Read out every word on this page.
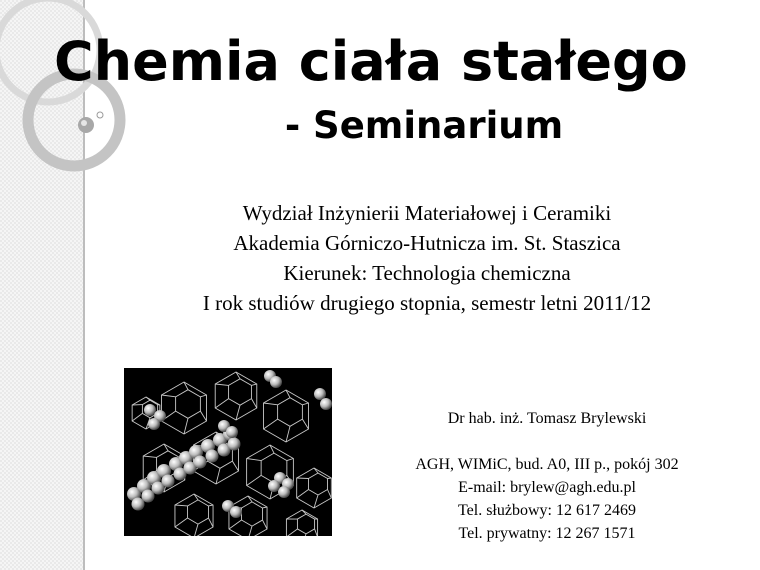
Chemia ciała stałego
- Seminarium
Wydział Inżynierii Materiałowej i Ceramiki
Akademia Górniczo-Hutnicza im. St. Staszica
Kierunek: Technologia chemiczna
I rok studiów drugiego stopnia, semestr letni 2011/12
Dr hab. inż. Tomasz Brylewski
AGH, WIMiC, bud. A0, III p., pokój 302
E-mail: brylew@agh.edu.pl
Tel. służbowy: 12 617 2469
Tel. prywatny: 12 267 1571
